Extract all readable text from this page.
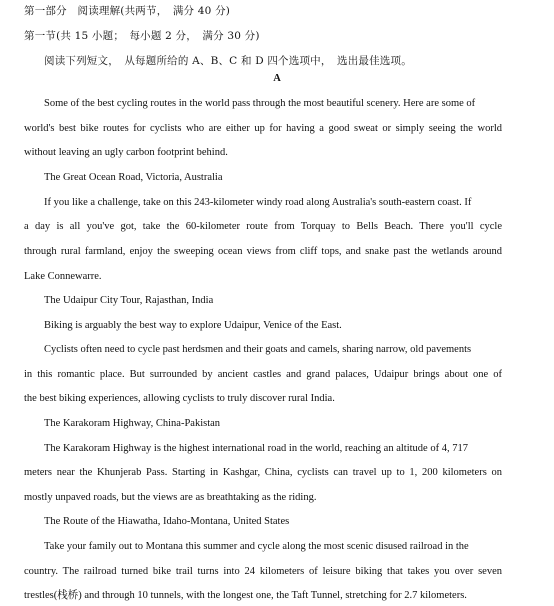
第一部分　阅读理解(共两节，　满分 40 分)
第一节(共 15 小题；　每小题 2 分，　满分 30 分)
阅读下列短文，　从每题所给的 A、B、C 和 D 四个选项中，　选出最佳选项。
A
Some of the best cycling routes in the world pass through the most beautiful scenery. Here are some of
world's best bike routes for cyclists who are either up for having a good sweat or simply seeing the world
without leaving an ugly carbon footprint behind.
The Great Ocean Road, Victoria, Australia
If you like a challenge, take on this 243-kilometer windy road along Australia's south-eastern coast. If
a day is all you've got, take the 60-kilometer route from Torquay to Bells Beach. There you'll cycle
through rural farmland, enjoy the sweeping ocean views from cliff tops, and snake past the wetlands around
Lake Connewarre.
The Udaipur City Tour, Rajasthan, India
Biking is arguably the best way to explore Udaipur, Venice of the East.
Cyclists often need to cycle past herdsmen and their goats and camels, sharing narrow, old pavements
in this romantic place. But surrounded by ancient castles and grand palaces, Udaipur brings about one of
the best biking experiences, allowing cyclists to truly discover rural India.
The Karakoram Highway, China-Pakistan
The Karakoram Highway is the highest international road in the world, reaching an altitude of 4, 717
meters near the Khunjerab Pass. Starting in Kashgar, China, cyclists can travel up to 1, 200 kilometers on
mostly unpaved roads, but the views are as breathtaking as the riding.
The Route of the Hiawatha, Idaho-Montana, United States
Take your family out to Montana this summer and cycle along the most scenic disused railroad in the
country. The railroad turned bike trail turns into 24 kilometers of leisure biking that takes you over seven
trestles(栈桥) and through 10 tunnels, with the longest one, the Taft Tunnel, stretching for 2.7 kilometers.
